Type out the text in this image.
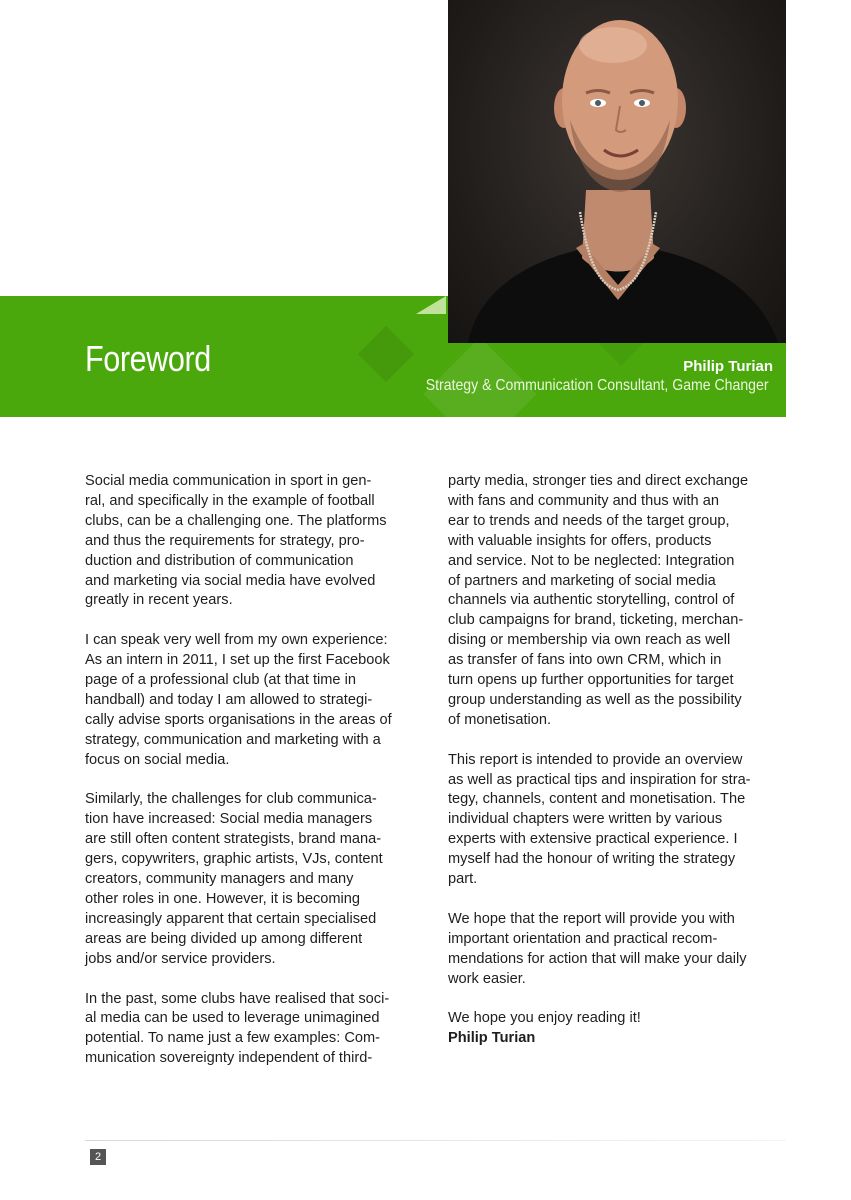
Foreword	Philip Turian
Strategy & Communication Consultant, Game Changer

Social media communication in sport in gen-
ral, and specifically in the example of football
clubs, can be a challenging one. The platforms
and thus the requirements for strategy, pro-
duction and distribution of communication
and marketing via social media have evolved
greatly in recent years.

I can speak very well from my own experience:
As an intern in 2011, I set up the first Facebook
page of a professional club (at that time in
handball) and today I am allowed to strategi-
cally advise sports organisations in the areas of
strategy, communication and marketing with a
focus on social media.

Similarly, the challenges for club communica-
tion have increased: Social media managers
are still often content strategists, brand mana-
gers, copywriters, graphic artists, VJs, content
creators, community managers and many
other roles in one. However, it is becoming
increasingly apparent that certain specialised
areas are being divided up among different
jobs and/or service providers.

In the past, some clubs have realised that soci-
al media can be used to leverage unimagined
potential. To name just a few examples: Com-
munication sovereignty independent of third-

party media, stronger ties and direct exchange
with fans and community and thus with an
ear to trends and needs of the target group,
with valuable insights for offers, products
and service. Not to be neglected: Integration
of partners and marketing of social media
channels via authentic storytelling, control of
club campaigns for brand, ticketing, merchan-
dising or membership via own reach as well
as transfer of fans into own CRM, which in
turn opens up further opportunities for target
group understanding as well as the possibility
of monetisation.

This report is intended to provide an overview
as well as practical tips and inspiration for stra-
tegy, channels, content and monetisation. The
individual chapters were written by various
experts with extensive practical experience. I
myself had the honour of writing the strategy
part.

We hope that the report will provide you with
important orientation and practical recom-
mendations for action that will make your daily
work easier.

We hope you enjoy reading it!

Philip Turian

2
